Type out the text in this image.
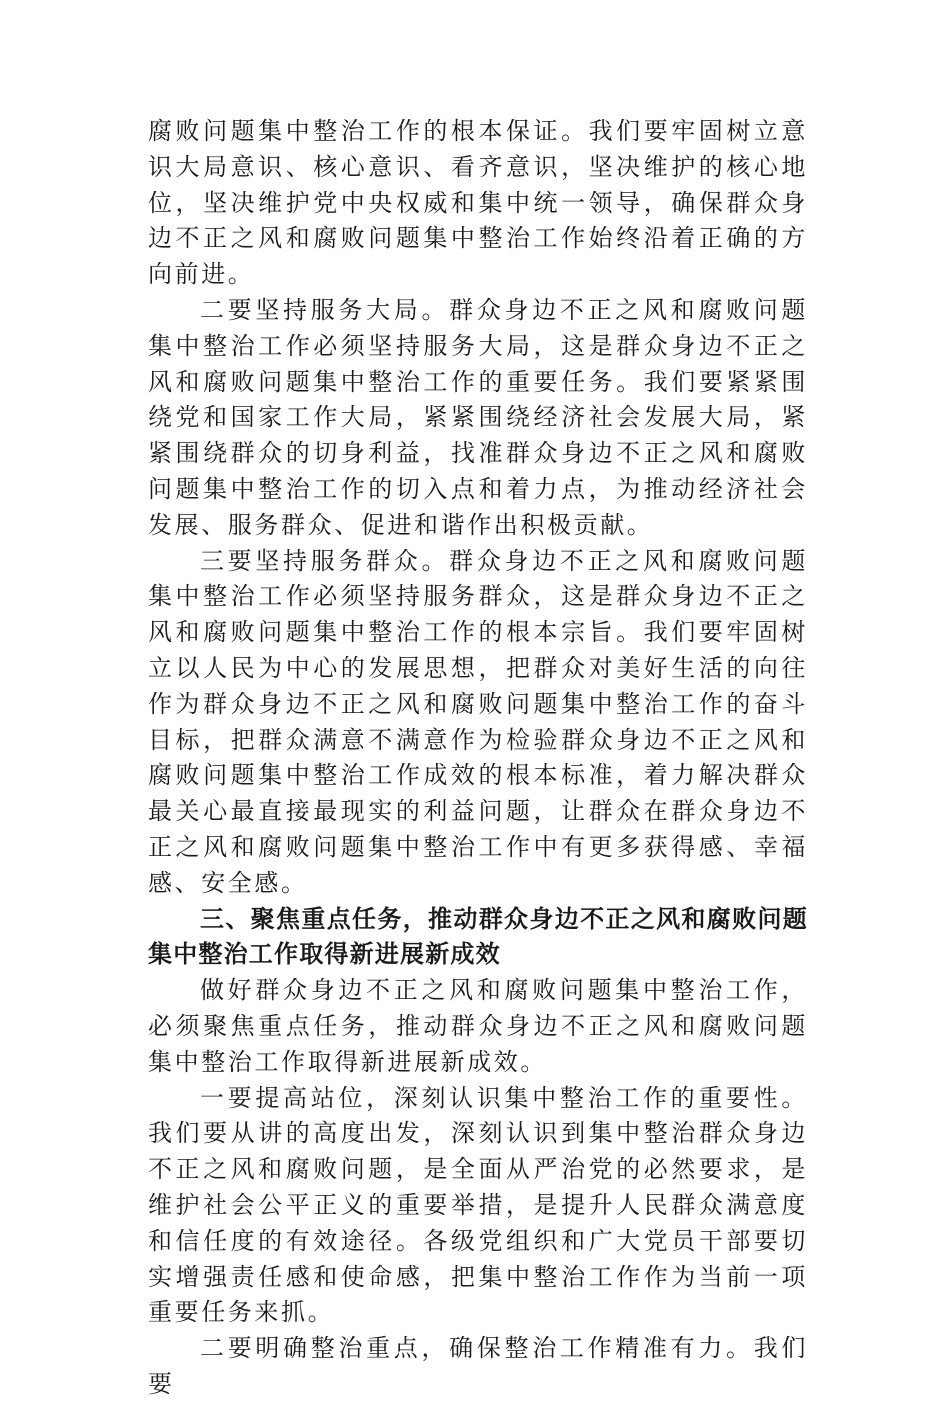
腐败问题集中整治工作的根本保证。我们要牢固树立意识大局意识、核心意识、看齐意识，坚决维护的核心地位，坚决维护党中央权威和集中统一领导，确保群众身边不正之风和腐败问题集中整治工作始终沿着正确的方向前进。

二要坚持服务大局。群众身边不正之风和腐败问题集中整治工作必须坚持服务大局，这是群众身边不正之风和腐败问题集中整治工作的重要任务。我们要紧紧围绕党和国家工作大局，紧紧围绕经济社会发展大局，紧紧围绕群众的切身利益，找准群众身边不正之风和腐败问题集中整治工作的切入点和着力点，为推动经济社会发展、服务群众、促进和谐作出积极贡献。

三要坚持服务群众。群众身边不正之风和腐败问题集中整治工作必须坚持服务群众，这是群众身边不正之风和腐败问题集中整治工作的根本宗旨。我们要牢固树立以人民为中心的发展思想，把群众对美好生活的向往作为群众身边不正之风和腐败问题集中整治工作的奋斗目标，把群众满意不满意作为检验群众身边不正之风和腐败问题集中整治工作成效的根本标准，着力解决群众最关心最直接最现实的利益问题，让群众在群众身边不正之风和腐败问题集中整治工作中有更多获得感、幸福感、安全感。

三、聚焦重点任务，推动群众身边不正之风和腐败问题集中整治工作取得新进展新成效

做好群众身边不正之风和腐败问题集中整治工作，必须聚焦重点任务，推动群众身边不正之风和腐败问题集中整治工作取得新进展新成效。

一要提高站位，深刻认识集中整治工作的重要性。我们要从讲的高度出发，深刻认识到集中整治群众身边不正之风和腐败问题，是全面从严治党的必然要求，是维护社会公平正义的重要举措，是提升人民群众满意度和信任度的有效途径。各级党组织和广大党员干部要切实增强责任感和使命感，把集中整治工作作为当前一项重要任务来抓。

二要明确整治重点，确保整治工作精准有力。我们要
